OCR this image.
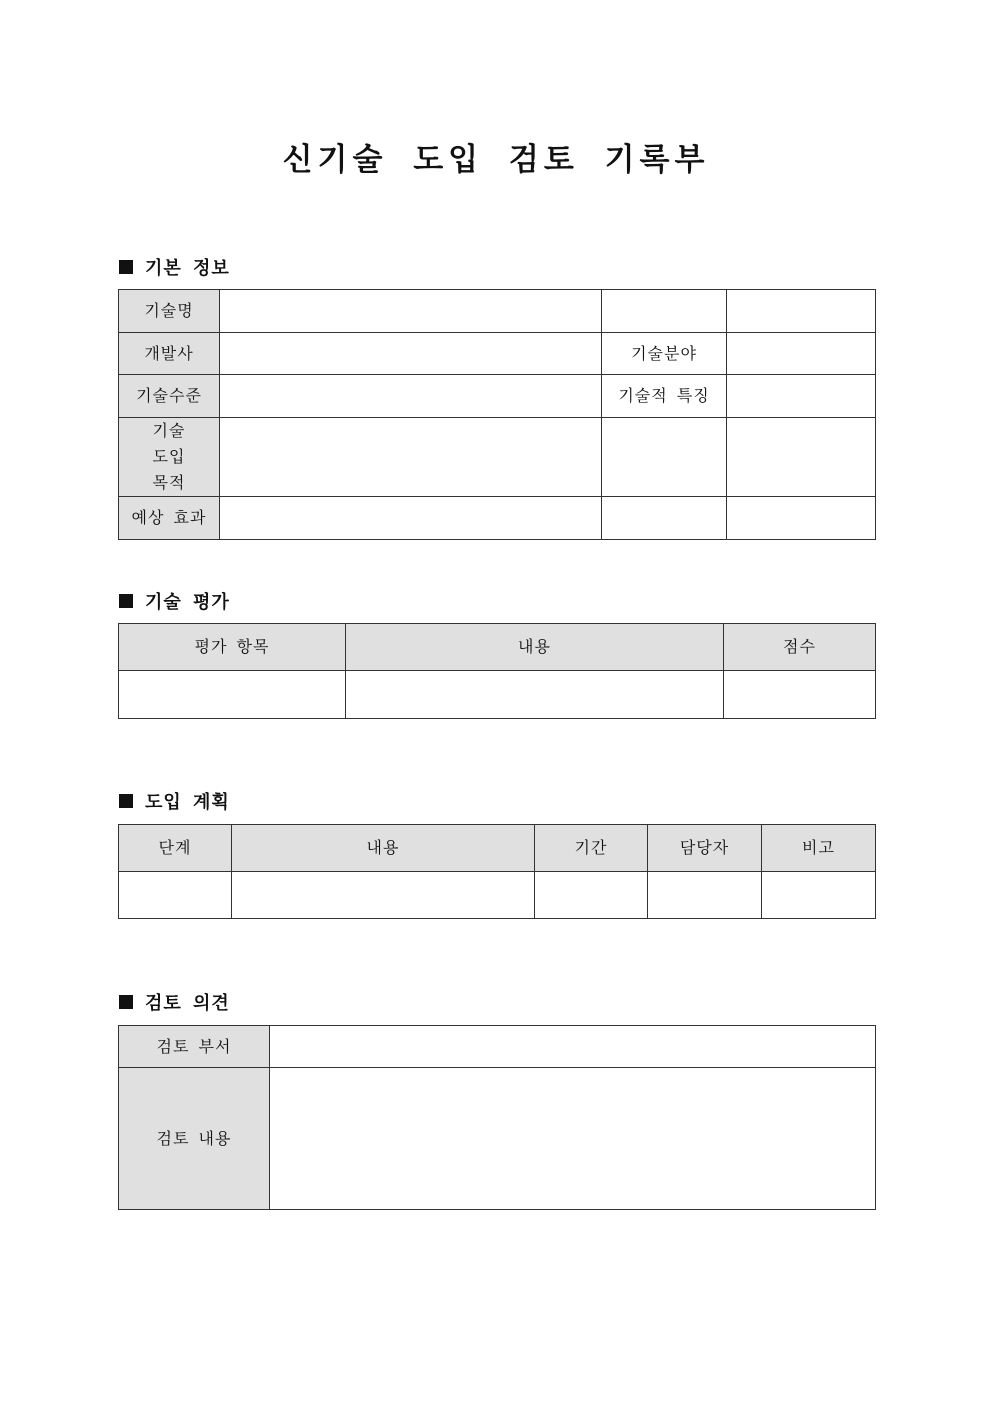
신기술 도입 검토 기록부
기본 정보
기술명			
개발사		기술분야	
기술수준		기술적 특징	
기술 도입 목적			
예상 효과			
기술 평가
평가 항목	내용	점수

도입 계획
단계	내용	기간	담당자	비고

검토 의견
검토 부서	
검토 내용	
